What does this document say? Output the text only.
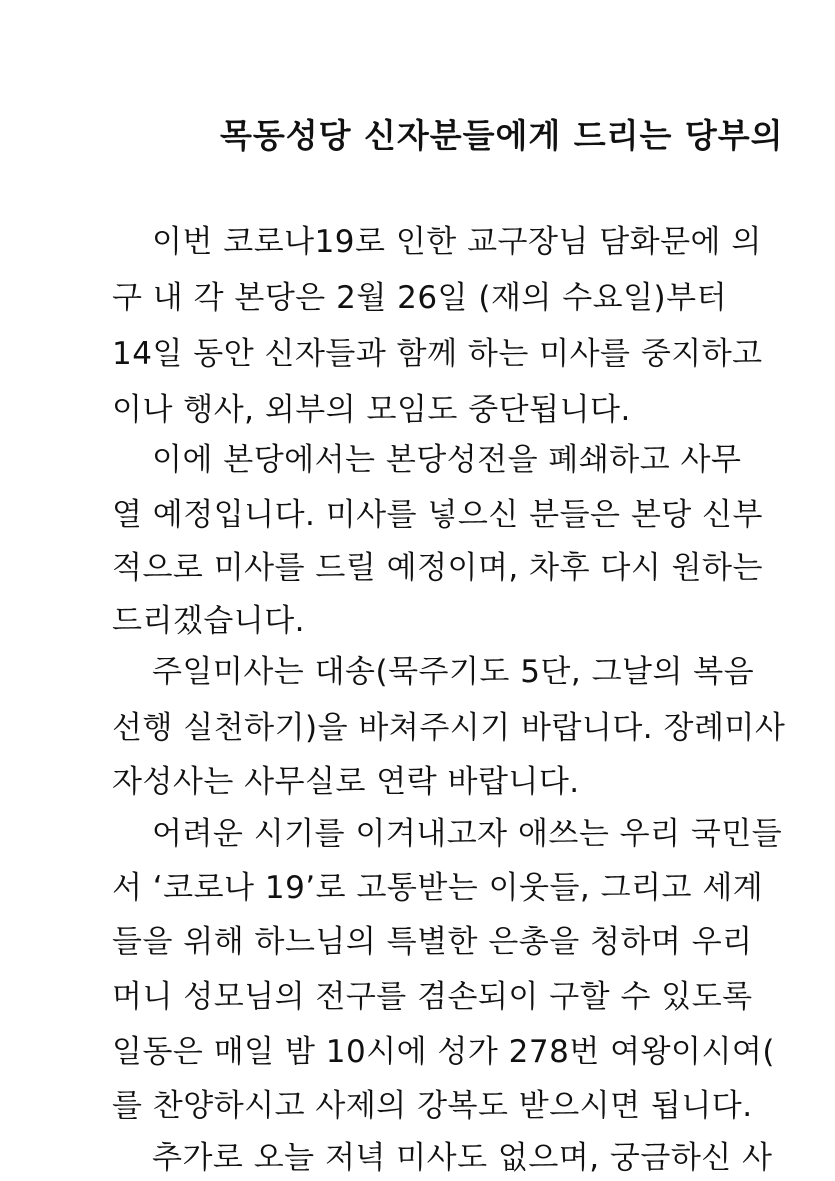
목동성당 신자분들에게 드리는 당부의
이번 코로나19로 인한 교구장님 담화문에 의
구 내 각 본당은 2월 26일 (재의 수요일)부터
14일 동안 신자들과 함께 하는 미사를 중지하고
이나 행사, 외부의 모임도 중단됩니다.
이에 본당에서는 본당성전을 폐쇄하고 사무
열 예정입니다. 미사를 넣으신 분들은 본당 신부
적으로 미사를 드릴 예정이며, 차후 다시 원하는
드리겠습니다.
주일미사는 대송(묵주기도 5단, 그날의 복음
선행 실천하기)을 바쳐주시기 바랍니다. 장례미사
자성사는 사무실로 연락 바랍니다.
어려운 시기를 이겨내고자 애쓰는 우리 국민들
서 ‘코로나 19’로 고통받는 이웃들, 그리고 세계
들을 위해 하느님의 특별한 은총을 청하며 우리
머니 성모님의 전구를 겸손되이 구할 수 있도록
일동은 매일 밤 10시에 성가 278번 여왕이시여(
를 찬양하시고 사제의 강복도 받으시면 됩니다.
추가로 오늘 저녁 미사도 없으며, 궁금하신 사
